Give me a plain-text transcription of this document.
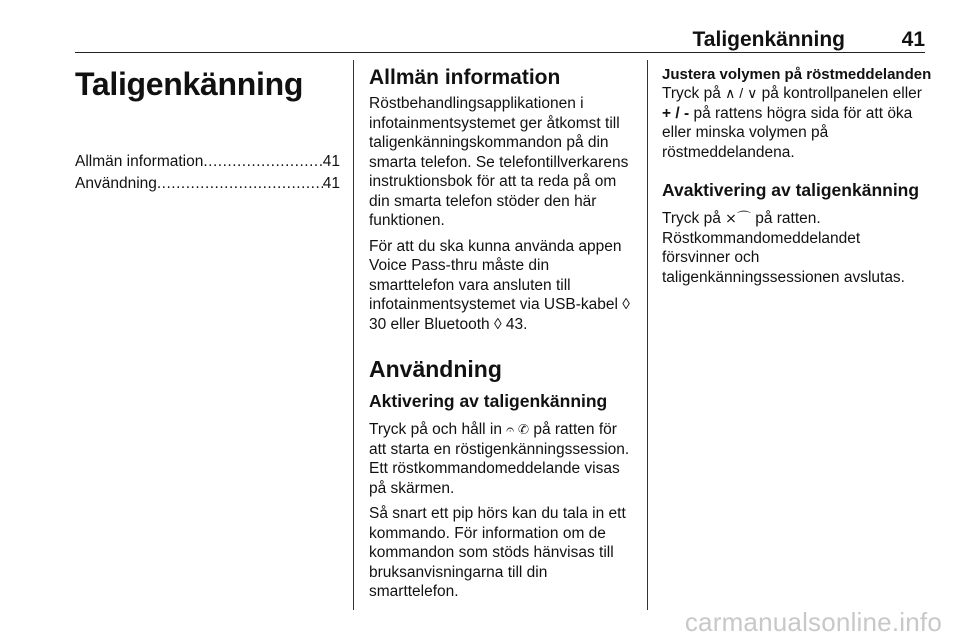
Taligenkänning	41
Taligenkänning
Allmän information .....	41
Användning .....	41
Allmän information

Röstbehandlingsapplikationen i infotainmentsystemet ger åtkomst till taligenkänningskommandon på din smarta telefon. Se telefontillverkarens instruktionsbok för att ta reda på om din smarta telefon stöder den här funktionen.

För att du ska kunna använda appen Voice Pass-thru måste din smarttelefon vara ansluten till infotainmentsystemet via USB-kabel ◊ 30 eller Bluetooth ◊ 43.

Användning
Aktivering av taligenkänning

Tryck på och håll in 𝄐 ✆ på ratten för att starta en röstigenkänningssession. Ett röstkommandomeddelande visas på skärmen.

Så snart ett pip hörs kan du tala in ett kommando. För information om de kommandon som stöds hänvisas till bruksanvisningarna till din smarttelefon.

Justera volymen på röstmeddelanden

Tryck på ∧ / ∨ på kontrollpanelen eller + / - på rattens högra sida för att öka eller minska volymen på röstmeddelandena.

Avaktivering av taligenkänning

Tryck på ⨯⌒ på ratten. Röstkommandomeddelandet försvinner och taligenkänningssessionen avslutas.

carmanualsonline.info
